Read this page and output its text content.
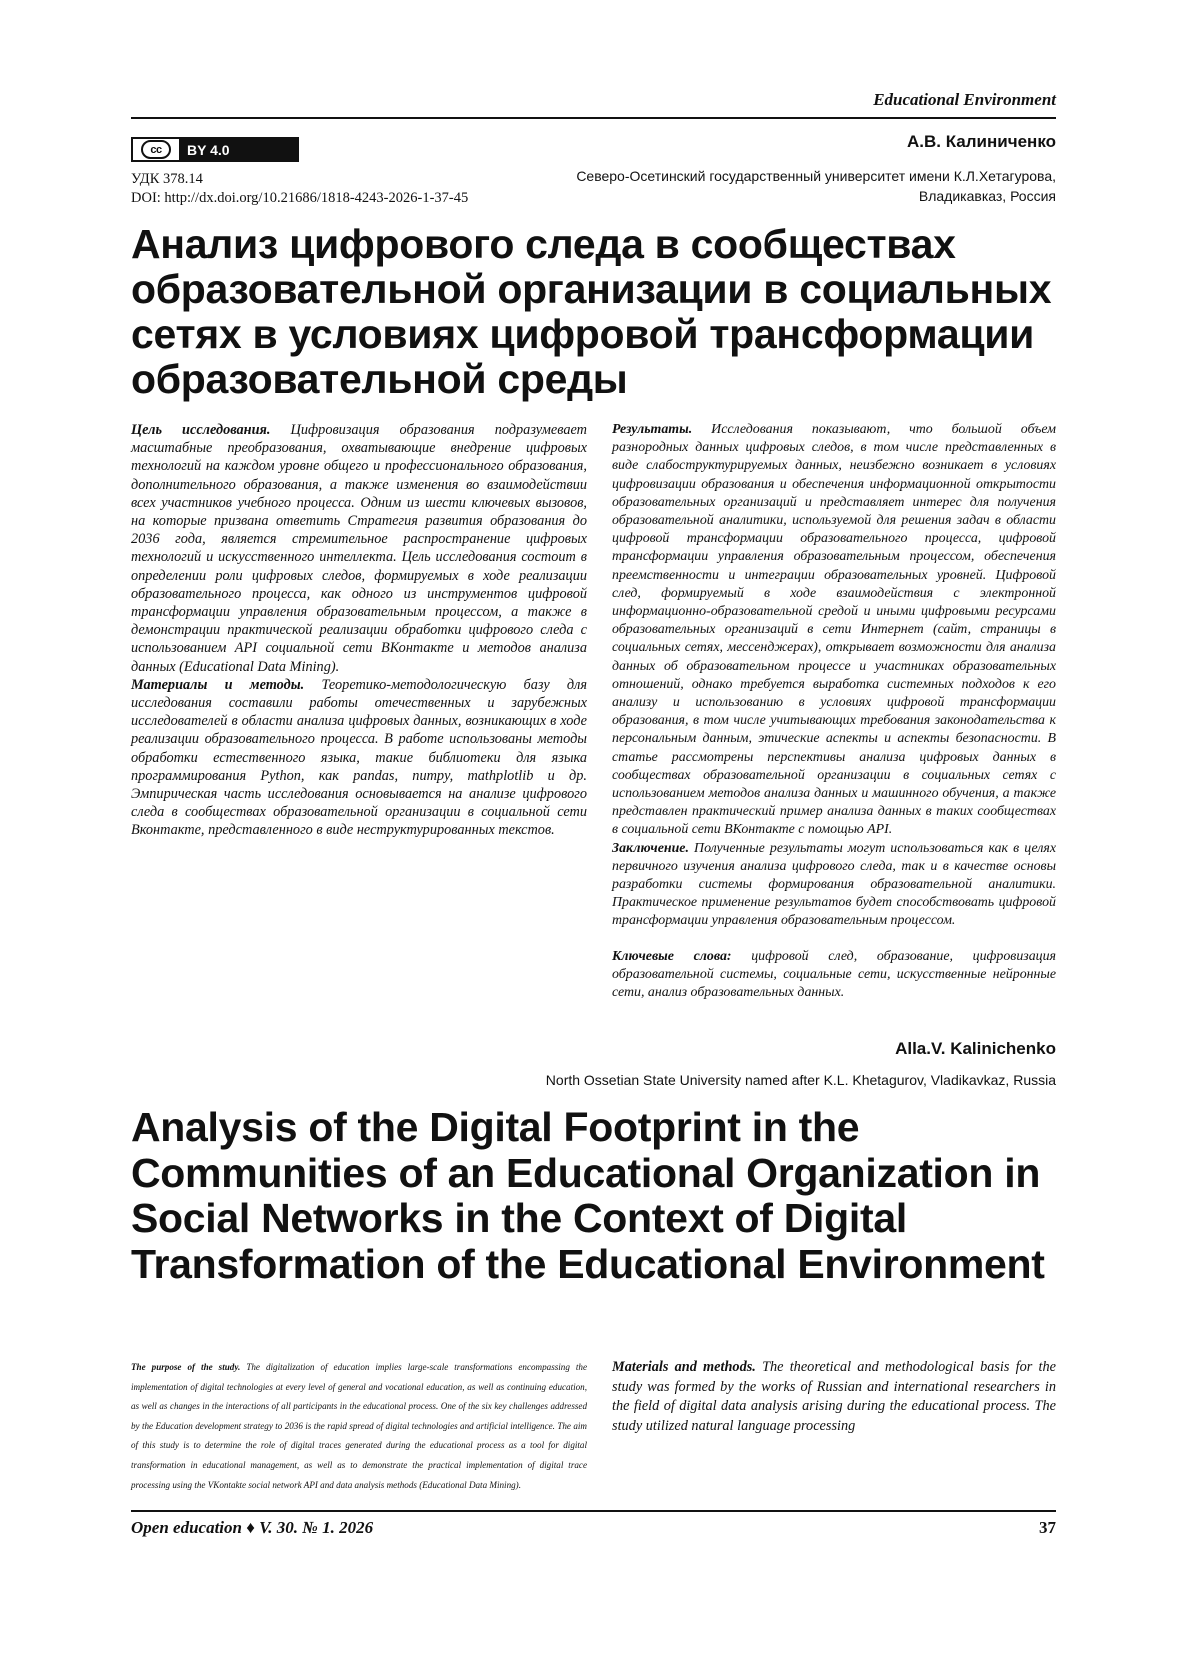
Educational Environment
cc	BY 4.0
УДК 378.14
DOI: http://dx.doi.org/10.21686/1818-4243-2026-1-37-45
А.В. Калиниченко
Северо-Осетинский государственный университет имени К.Л.Хетагурова,
Владикавказ, Россия
Анализ цифрового следа в сообществах образовательной организации в социальных сетях в условиях цифровой трансформации образовательной среды

Цель исследования. Цифровизация образования подразумевает масштабные преобразования, охватывающие внедрение цифровых технологий на каждом уровне общего и профессионального образования, дополнительного образования, а также изменения во взаимодействии всех участников учебного процесса. Одним из шести ключевых вызовов, на которые призвана ответить Стратегия развития образования до 2036 года, является стремительное распространение цифровых технологий и искусственного интеллекта. Цель исследования состоит в определении роли цифровых следов, формируемых в ходе реализации образовательного процесса, как одного из инструментов цифровой трансформации управления образовательным процессом, а также в демонстрации практической реализации обработки цифрового следа с использованием API социальной сети ВКонтакте и методов анализа данных (Educational Data Mining).

Материалы и методы. Теоретико-методологическую базу для исследования составили работы отечественных и зарубежных исследователей в области анализа цифровых данных, возникающих в ходе реализации образовательного процесса. В работе использованы методы обработки естественного языка, такие библиотеки для языка программирования Python, как pandas, numpy, mathplotlib и др. Эмпирическая часть исследования основывается на анализе цифрового следа в сообществах образовательной организации в социальной сети Вконтакте, представленного в виде неструктурированных текстов.

Результаты. Исследования показывают, что большой объем разнородных данных цифровых следов, в том числе представленных в виде слабоструктурируемых данных, неизбежно возникает в условиях цифровизации образования и обеспечения информационной открытости образовательных организаций и представляет интерес для получения образовательной аналитики, используемой для решения задач в области цифровой трансформации образовательного процесса, цифровой трансформации управления образовательным процессом, обеспечения преемственности и интеграции образовательных уровней. Цифровой след, формируемый в ходе взаимодействия с электронной информационно-образовательной средой и иными цифровыми ресурсами образовательных организаций в сети Интернет (сайт, страницы в социальных сетях, мессенджерах), открывает возможности для анализа данных об образовательном процессе и участниках образовательных отношений, однако требуется выработка системных подходов к его анализу и использованию в условиях цифровой трансформации образования, в том числе учитывающих требования законодательства к персональным данным, этические аспекты и аспекты безопасности. В статье рассмотрены перспективы анализа цифровых данных в сообществах образовательной организации в социальных сетях с использованием методов анализа данных и машинного обучения, а также представлен практический пример анализа данных в таких сообществах в социальной сети ВКонтакте с помощью API.

Заключение. Полученные результаты могут использоваться как в целях первичного изучения анализа цифрового следа, так и в качестве основы разработки системы формирования образовательной аналитики. Практическое применение результатов будет способствовать цифровой трансформации управления образовательным процессом.

Ключевые слова: цифровой след, образование, цифровизация образовательной системы, социальные сети, искусственные нейронные сети, анализ образовательных данных.

Alla.V. Kalinichenko
North Ossetian State University named after K.L. Khetagurov, Vladikavkaz, Russia
Analysis of the Digital Footprint in the Communities of an Educational Organization in Social Networks in the Context of Digital Transformation of the Educational Environment

The purpose of the study. The digitalization of education implies large-scale transformations encompassing the implementation of digital technologies at every level of general and vocational education, as well as continuing education, as well as changes in the interactions of all participants in the educational process. One of the six key challenges addressed by the Education development strategy to 2036 is the rapid spread of digital technologies and artificial intelligence. The aim of this study is to determine the role of digital traces generated during the educational process as a tool for digital transformation in educational management, as well as to demonstrate the practical implementation of digital trace processing using the VKontakte social network API and data analysis methods (Educational Data Mining).

Materials and methods. The theoretical and methodological basis for the study was formed by the works of Russian and international researchers in the field of digital data analysis arising during the educational process. The study utilized natural language processing

Open education ♦ V. 30. № 1. 2026	37
